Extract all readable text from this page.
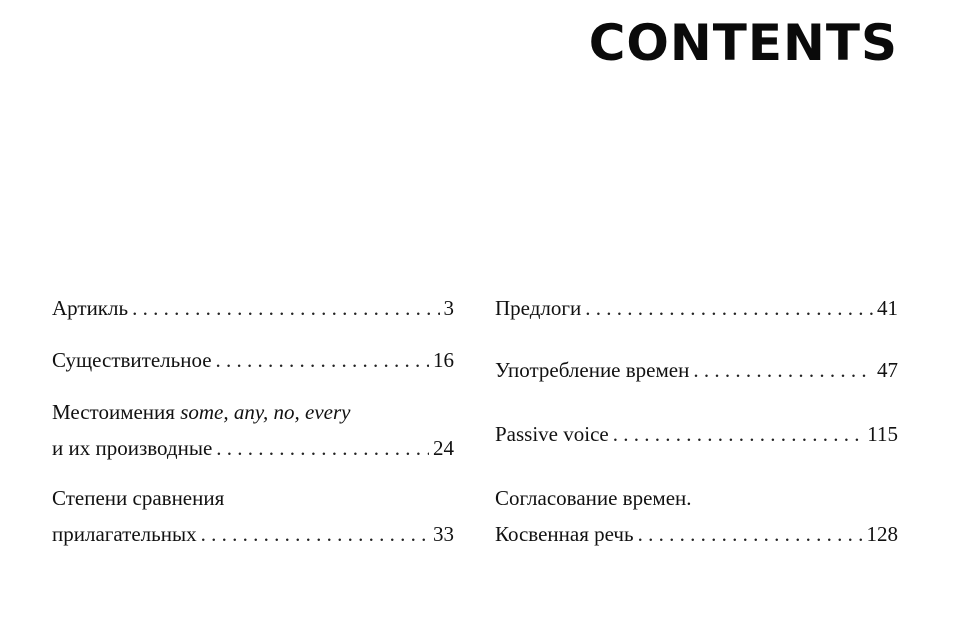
CONTENTS
Артикль . . .	3
Существительное . . .	16
Местоимения some, any, no, every
и их производные . . .	24
Степени сравнения
прилагательных . . .	33
Предлоги . . .	41
Употребление времен . . .	47
Passive voice . . .	115
Согласование времен.
Косвенная речь . . .	128
